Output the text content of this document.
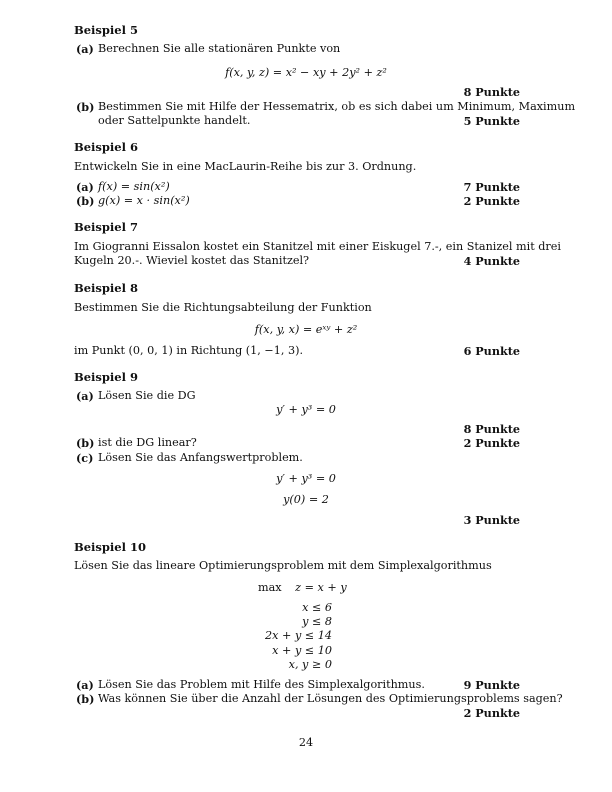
Beispiel 5
(a) Berechnen Sie alle stationären Punkte von
f(x, y, z) = x² − xy + 2y² + z²
8 Punkte
(b) Bestimmen Sie mit Hilfe der Hessematrix, ob es sich dabei um Minimum, Maximum
oder Sattelpunkte handelt.	5 Punkte
Beispiel 6
Entwickeln Sie in eine MacLaurin-Reihe bis zur 3. Ordnung.
(a) f(x) = sin(x²)	7 Punkte
(b) g(x) = x · sin(x²)	2 Punkte
Beispiel 7
Im Giogranni Eissalon kostet ein Stanitzel mit einer Eiskugel 7.-, ein Stanizel mit drei
Kugeln 20.-. Wieviel kostet das Stanitzel?	4 Punkte
Beispiel 8
Bestimmen Sie die Richtungsabteilung der Funktion
f(x, y, x) = eˣʸ + z²
im Punkt (0, 0, 1) in Richtung (1, −1, 3).	6 Punkte
Beispiel 9
(a) Lösen Sie die DG
y′ + y³ = 0
8 Punkte
(b) ist die DG linear?	2 Punkte
(c) Lösen Sie das Anfangswertproblem.
y′ + y³ = 0
y(0) = 2
3 Punkte
Beispiel 10
Lösen Sie das lineare Optimierungsproblem mit dem Simplexalgorithmus
max z = x + y
x ≤ 6
y ≤ 8
2x + y ≤ 14
x + y ≤ 10
x, y ≥ 0
(a) Lösen Sie das Problem mit Hilfe des Simplexalgorithmus.	9 Punkte
(b) Was können Sie über die Anzahl der Lösungen des Optimierungsproblems sagen?
2 Punkte
24
